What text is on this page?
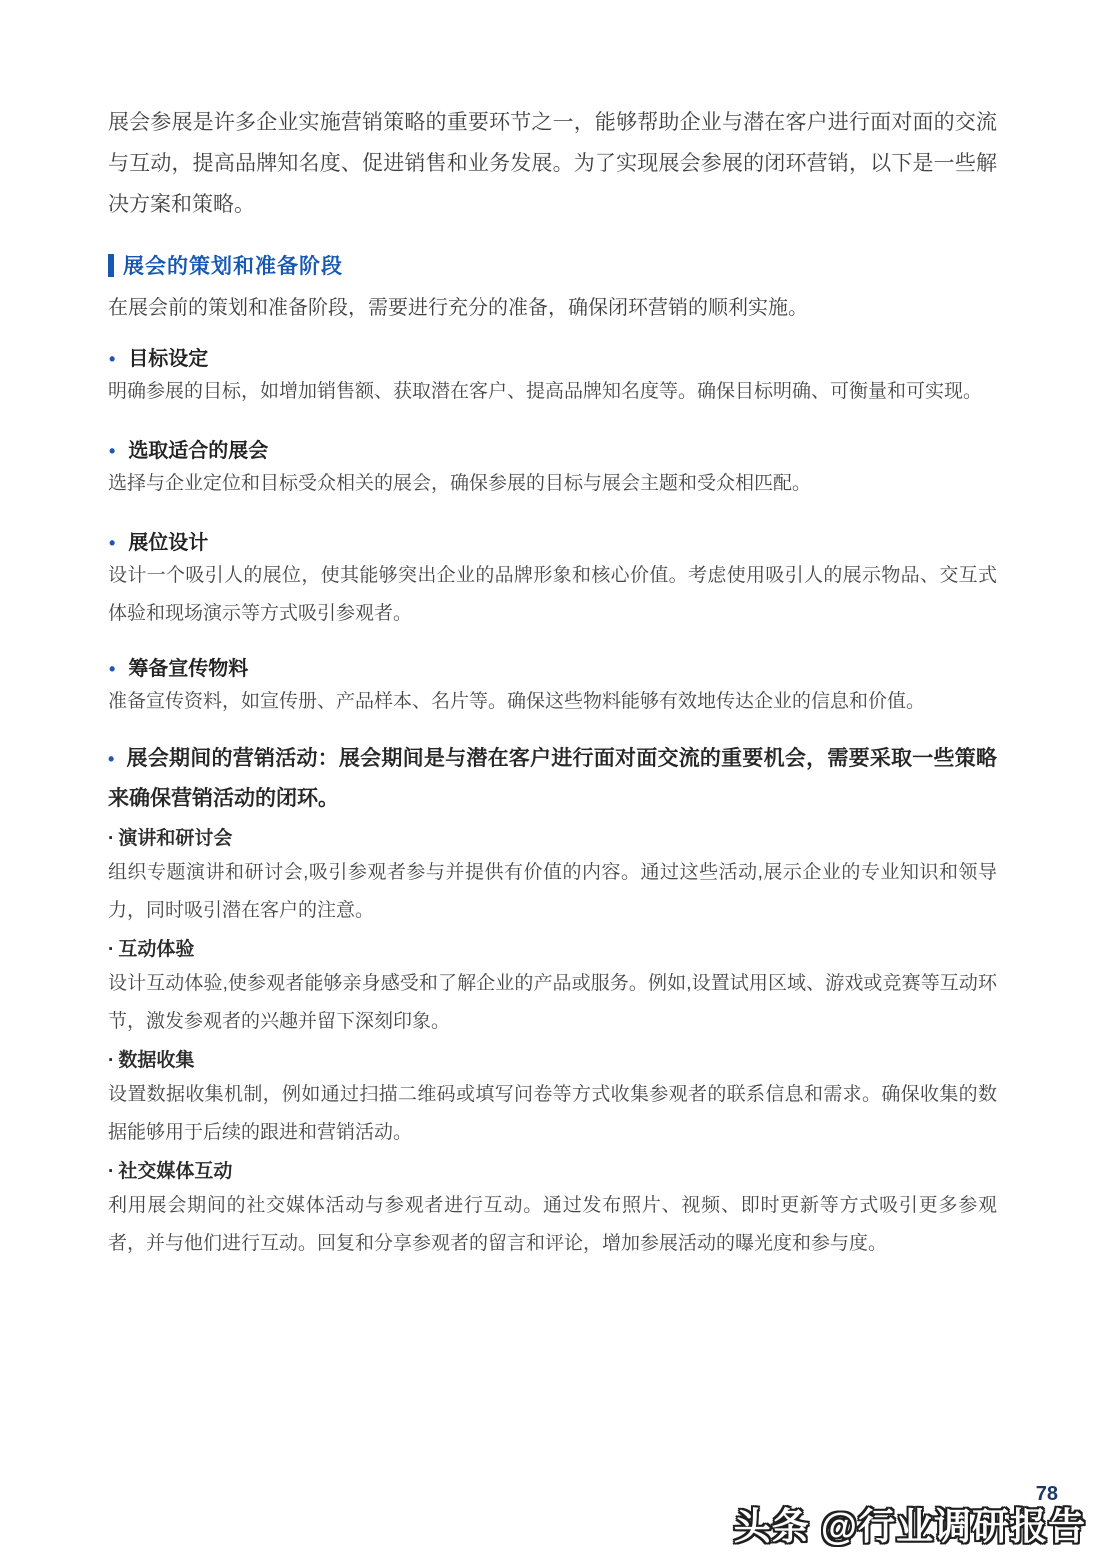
展会参展是许多企业实施营销策略的重要环节之一，能够帮助企业与潜在客户进行面对面的交流与互动，提高品牌知名度、促进销售和业务发展。为了实现展会参展的闭环营销，以下是一些解决方案和策略。

展会的策划和准备阶段

在展会前的策划和准备阶段，需要进行充分的准备，确保闭环营销的顺利实施。

• 目标设定

明确参展的目标，如增加销售额、获取潜在客户、提高品牌知名度等。确保目标明确、可衡量和可实现。

• 选取适合的展会

选择与企业定位和目标受众相关的展会，确保参展的目标与展会主题和受众相匹配。

• 展位设计

设计一个吸引人的展位，使其能够突出企业的品牌形象和核心价值。考虑使用吸引人的展示物品、交互式体验和现场演示等方式吸引参观者。

• 筹备宣传物料

准备宣传资料，如宣传册、产品样本、名片等。确保这些物料能够有效地传达企业的信息和价值。

• 展会期间的营销活动：展会期间是与潜在客户进行面对面交流的重要机会，需要采取一些策略来确保营销活动的闭环。

· 演讲和研讨会

组织专题演讲和研讨会,吸引参观者参与并提供有价值的内容。通过这些活动,展示企业的专业知识和领导力，同时吸引潜在客户的注意。

· 互动体验

设计互动体验,使参观者能够亲身感受和了解企业的产品或服务。例如,设置试用区域、游戏或竞赛等互动环节，激发参观者的兴趣并留下深刻印象。

· 数据收集

设置数据收集机制，例如通过扫描二维码或填写问卷等方式收集参观者的联系信息和需求。确保收集的数据能够用于后续的跟进和营销活动。

· 社交媒体互动

利用展会期间的社交媒体活动与参观者进行互动。通过发布照片、视频、即时更新等方式吸引更多参观者，并与他们进行互动。回复和分享参观者的留言和评论，增加参展活动的曝光度和参与度。

78
头条 @行业调研报告
